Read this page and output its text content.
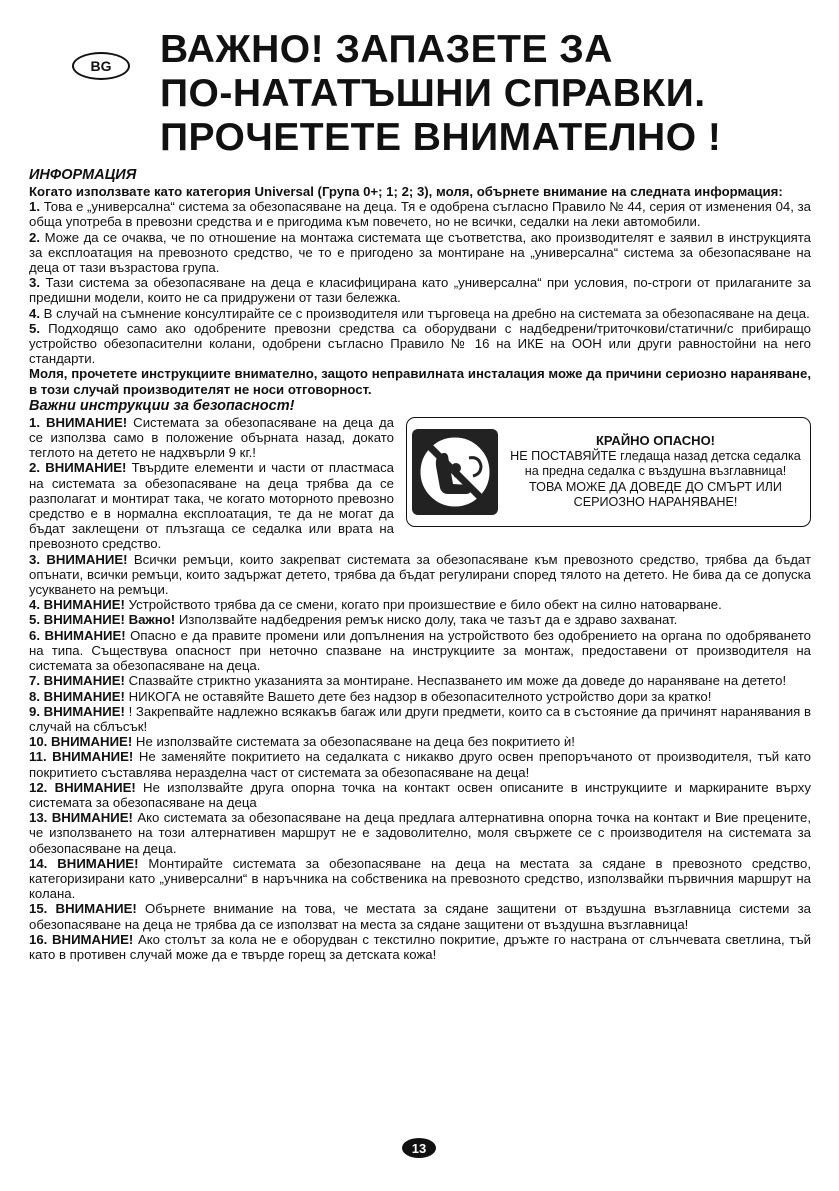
BG	ВАЖНО! ЗАПАЗЕТЕ ЗА
ПО-НАТАТЪШНИ СПРАВКИ.
ПРОЧЕТЕТЕ ВНИМАТЕЛНО !

ИНФОРМАЦИЯ

Когато използвате като категория Universal (Група 0+; 1; 2; 3), моля, обърнете внимание на следната информация:

1. Това е „универсална“ система за обезопасяване на деца. Тя е одобрена съгласно Правило № 44, серия от изменения 04, за обща употреба в превозни средства и е пригодима към повечето, но не всички, седалки на леки автомобили.

2. Може да се очаква, че по отношение на монтажа системата ще съответства, ако производителят е заявил в инструкцията за експлоатация на превозното средство, че то е пригодено за монтиране на „универсална“ система за обезопасяване на деца от тази възрастова група.

3. Тази система за обезопасяване на деца е класифицирана като „универсална“ при условия, по-строги от прилаганите за предишни модели, които не са придружени от тази бележка.

4. В случай на съмнение консултирайте се с производителя или търговеца на дребно на системата за обезопасяване на деца.

5. Подходящо само ако одобрените превозни средства са оборудвани с надбедрени/триточкови/статични/с прибиращо устройство обезопасителни колани, одобрени съгласно Правило № 16 на ИКЕ на ООН или други равностойни на него стандарти.

Моля, прочетете инструкциите внимателно, защото неправилната инсталация може да причини сериозно нараняване, в този случай производителят не носи отговорност.

Важни инструкции за безопасност!

КРАЙНО ОПАСНО!
НЕ ПОСТАВЯЙТЕ гледаща назад детска седалка на предна седалка с въздушна възглавница!
ТОВА МОЖЕ ДА ДОВЕДЕ ДО СМЪРТ ИЛИ СЕРИОЗНО НАРАНЯВАНЕ!

1. ВНИМАНИЕ! Системата за обезопасяване на деца да се използва само в положение обърната назад, докато теглото на детето не надхвърли 9 кг.!

2. ВНИМАНИЕ! Твърдите елементи и части от пластмаса на системата за обезопасяване на деца трябва да се разполагат и монтират така, че когато моторното превозно средство е в нормална експлоатация, те да не могат да бъдат заклещени от плъзгаща се седалка или врата на превозното средство.

3. ВНИМАНИЕ! Всички ремъци, които закрепват системата за обезопасяване към превозното средство, трябва да бъдат опънати, всички ремъци, които задържат детето, трябва да бъдат регулирани според тялото на детето. Не бива да се допуска усукването на ремъци.

4. ВНИМАНИЕ! Устройството трябва да се смени, когато при произшествие е било обект на силно натоварване.

5. ВНИМАНИЕ! Важно! Използвайте надбедрения ремък ниско долу, така че тазът да е здраво захванат.

6. ВНИМАНИЕ! Опасно е да правите промени или допълнения на устройството без одобрението на органа по одобряването на типа. Съществува опасност при неточно спазване на инструкциите за монтаж, предоставени от производителя на системата за обезопасяване на деца.

7. ВНИМАНИЕ! Спазвайте стриктно указанията за монтиране. Неспазването им може да доведе до нараняване на детето!

8. ВНИМАНИЕ! НИКОГА не оставяйте Вашето дете без надзор в обезопасителното устройство дори за кратко!

9. ВНИМАНИЕ! ! Закрепвайте надлежно всякакъв багаж или други предмети, които са в състояние да причинят наранявания в случай на сблъсък!

10. ВНИМАНИЕ! Не използвайте системата за обезопасяване на деца без покритието ѝ!

11. ВНИМАНИЕ! Не заменяйте покритието на седалката с никакво друго освен препоръчаното от производителя, тъй като покритието съставлява неразделна част от системата за обезопасяване на деца!

12. ВНИМАНИЕ! Не използвайте друга опорна точка на контакт освен описаните в инструкциите и маркираните върху системата за обезопасяване на деца

13. ВНИМАНИЕ! Ако системата за обезопасяване на деца предлага алтернативна опорна точка на контакт и Вие прецените, че използването на този алтернативен маршрут не е задоволително, моля свържете се с производителя на системата за обезопасяване на деца.

14. ВНИМАНИЕ! Монтирайте системата за обезопасяване на деца на местата за сядане в превозното средство, категоризирани като „универсални“ в наръчника на собственика на превозното средство, използвайки първичния маршрут на колана.

15. ВНИМАНИЕ! Обърнете внимание на това, че местата за сядане защитени от въздушна възглавница системи за обезопасяване на деца не трябва да се използват на места за сядане защитени от въздушна възглавница!

16. ВНИМАНИЕ! Ако столът за кола не е оборудван с текстилно покритие, дръжте го настрана от слънчевата светлина, тъй като в противен случай може да е твърде горещ за детската кожа!

13
